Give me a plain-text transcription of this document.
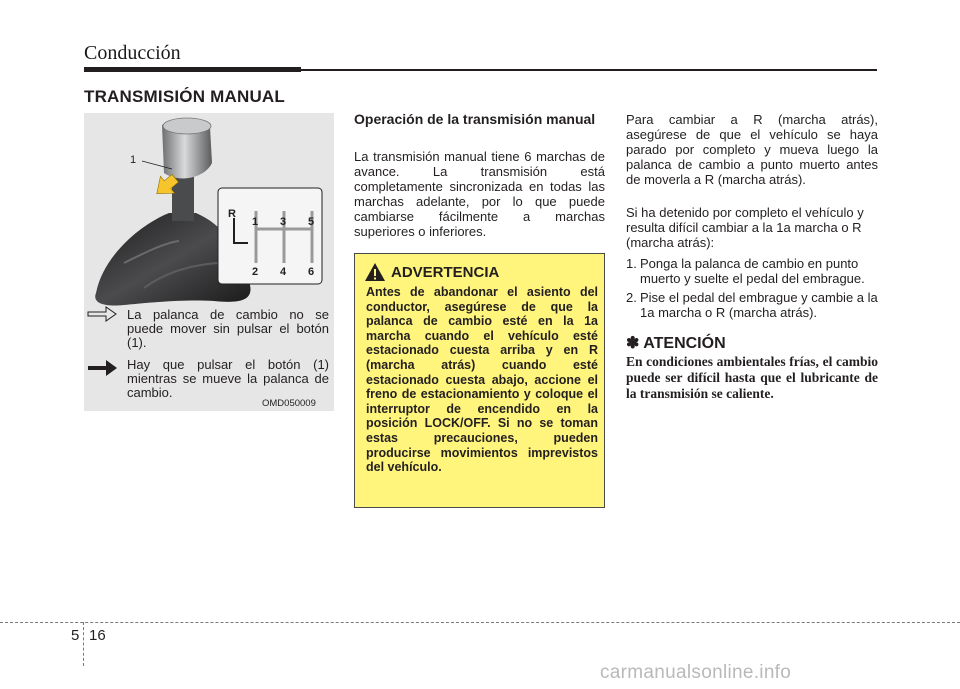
Conducción
TRANSMISIÓN MANUAL
1
R
1 3 5
2 4 6
La palanca de cambio no se puede mover sin pulsar el botón (1).
Hay que pulsar el botón (1) mientras se mueve la palanca de cambio.
OMD050009
Operación de la transmisión manual
La transmisión manual tiene 6 marchas de avance. La transmisión está completamente sincronizada en todas las marchas adelante, por lo que puede cambiarse fácilmente a marchas superiores o inferiores.
ADVERTENCIA
Antes de abandonar el asiento del conductor, asegúrese de que la palanca de cambio esté en la 1a marcha cuando el vehículo esté estacionado cuesta arriba y en R (marcha atrás) cuando esté estacionado cuesta abajo, accione el freno de estacionamiento y coloque el interruptor de encendido en la posición LOCK/OFF. Si no se toman estas precauciones, pueden producirse movimientos imprevistos del vehículo.
Para cambiar a R (marcha atrás), asegúrese de que el vehículo se haya parado por completo y mueva luego la palanca de cambio a punto muerto antes de moverla a R (marcha atrás).
Si ha detenido por completo el vehículo y resulta difícil cambiar a la 1a marcha o R (marcha atrás):
1. Ponga la palanca de cambio en punto muerto y suelte el pedal del embrague.
2. Pise el pedal del embrague y cambie a la 1a marcha o R (marcha atrás).
✽ ATENCIÓN
En condiciones ambientales frías, el cambio puede ser difícil hasta que el lubricante de la transmisión se caliente.
5 16
carmanualsonline.info
